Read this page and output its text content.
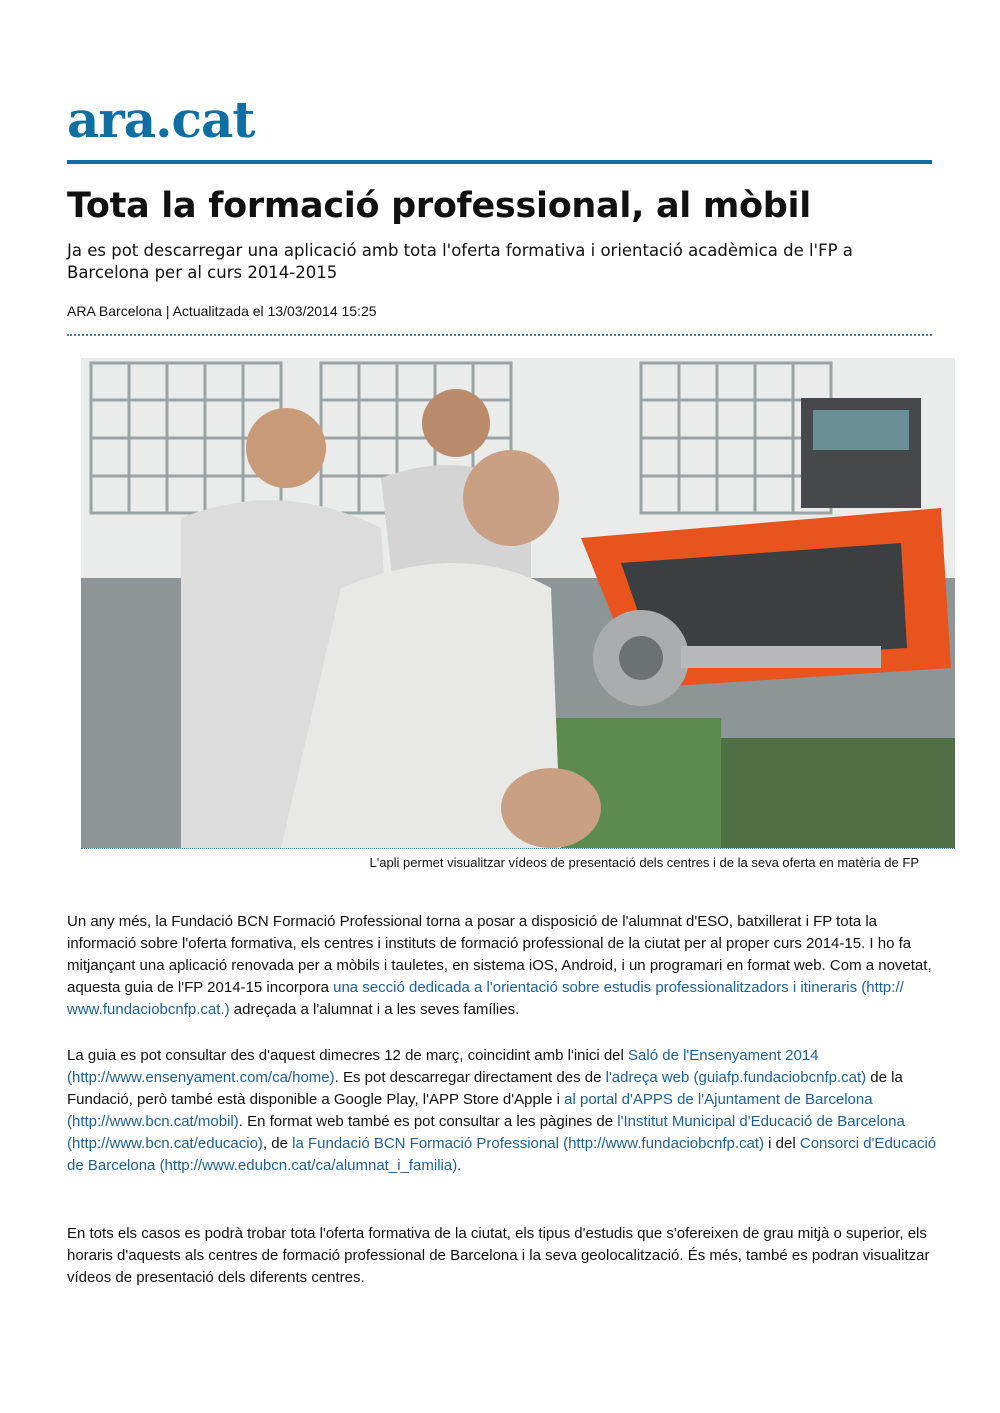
ara.cat
Tota la formació professional, al mòbil

Ja es pot descarregar una aplicació amb tota l'oferta formativa i orientació acadèmica de l'FP a Barcelona per al curs 2014-2015

ARA Barcelona | Actualitzada el 13/03/2014 15:25
L'apli permet visualitzar vídeos de presentació dels centres i de la seva oferta en matèria de FP

Un any més, la Fundació BCN Formació Professional torna a posar a disposició de l'alumnat d'ESO, batxillerat i FP tota la informació sobre l'oferta formativa, els centres i instituts de formació professional de la ciutat per al proper curs 2014-15. I ho fa mitjançant una aplicació renovada per a mòbils i tauletes, en sistema iOS, Android, i un programari en format web. Com a novetat, aquesta guia de l'FP 2014-15 incorpora una secció dedicada a l'orientació sobre estudis professionalitzadors i itineraris (http:// www.fundaciobcnfp.cat.) adreçada a l'alumnat i a les seves famílies.

La guia es pot consultar des d'aquest dimecres 12 de març, coincidint amb l'inici del Saló de l'Ensenyament 2014 (http://www.ensenyament.com/ca/home). Es pot descarregar directament des de l'adreça web (guiafp.fundaciobcnfp.cat) de la Fundació, però també està disponible a Google Play, l'APP Store d'Apple i al portal d'APPS de l'Ajuntament de Barcelona (http://www.bcn.cat/mobil). En format web també es pot consultar a les pàgines de l'Institut Municipal d'Educació de Barcelona (http://www.bcn.cat/educacio), de la Fundació BCN Formació Professional (http://www.fundaciobcnfp.cat) i del Consorci d'Educació de Barcelona (http://www.edubcn.cat/ca/alumnat_i_familia).

En tots els casos es podrà trobar tota l'oferta formativa de la ciutat, els tipus d'estudis que s'ofereixen de grau mitjà o superior, els horaris d'aquests als centres de formació professional de Barcelona i la seva geolocalització. És més, també es podran visualitzar vídeos de presentació dels diferents centres.
